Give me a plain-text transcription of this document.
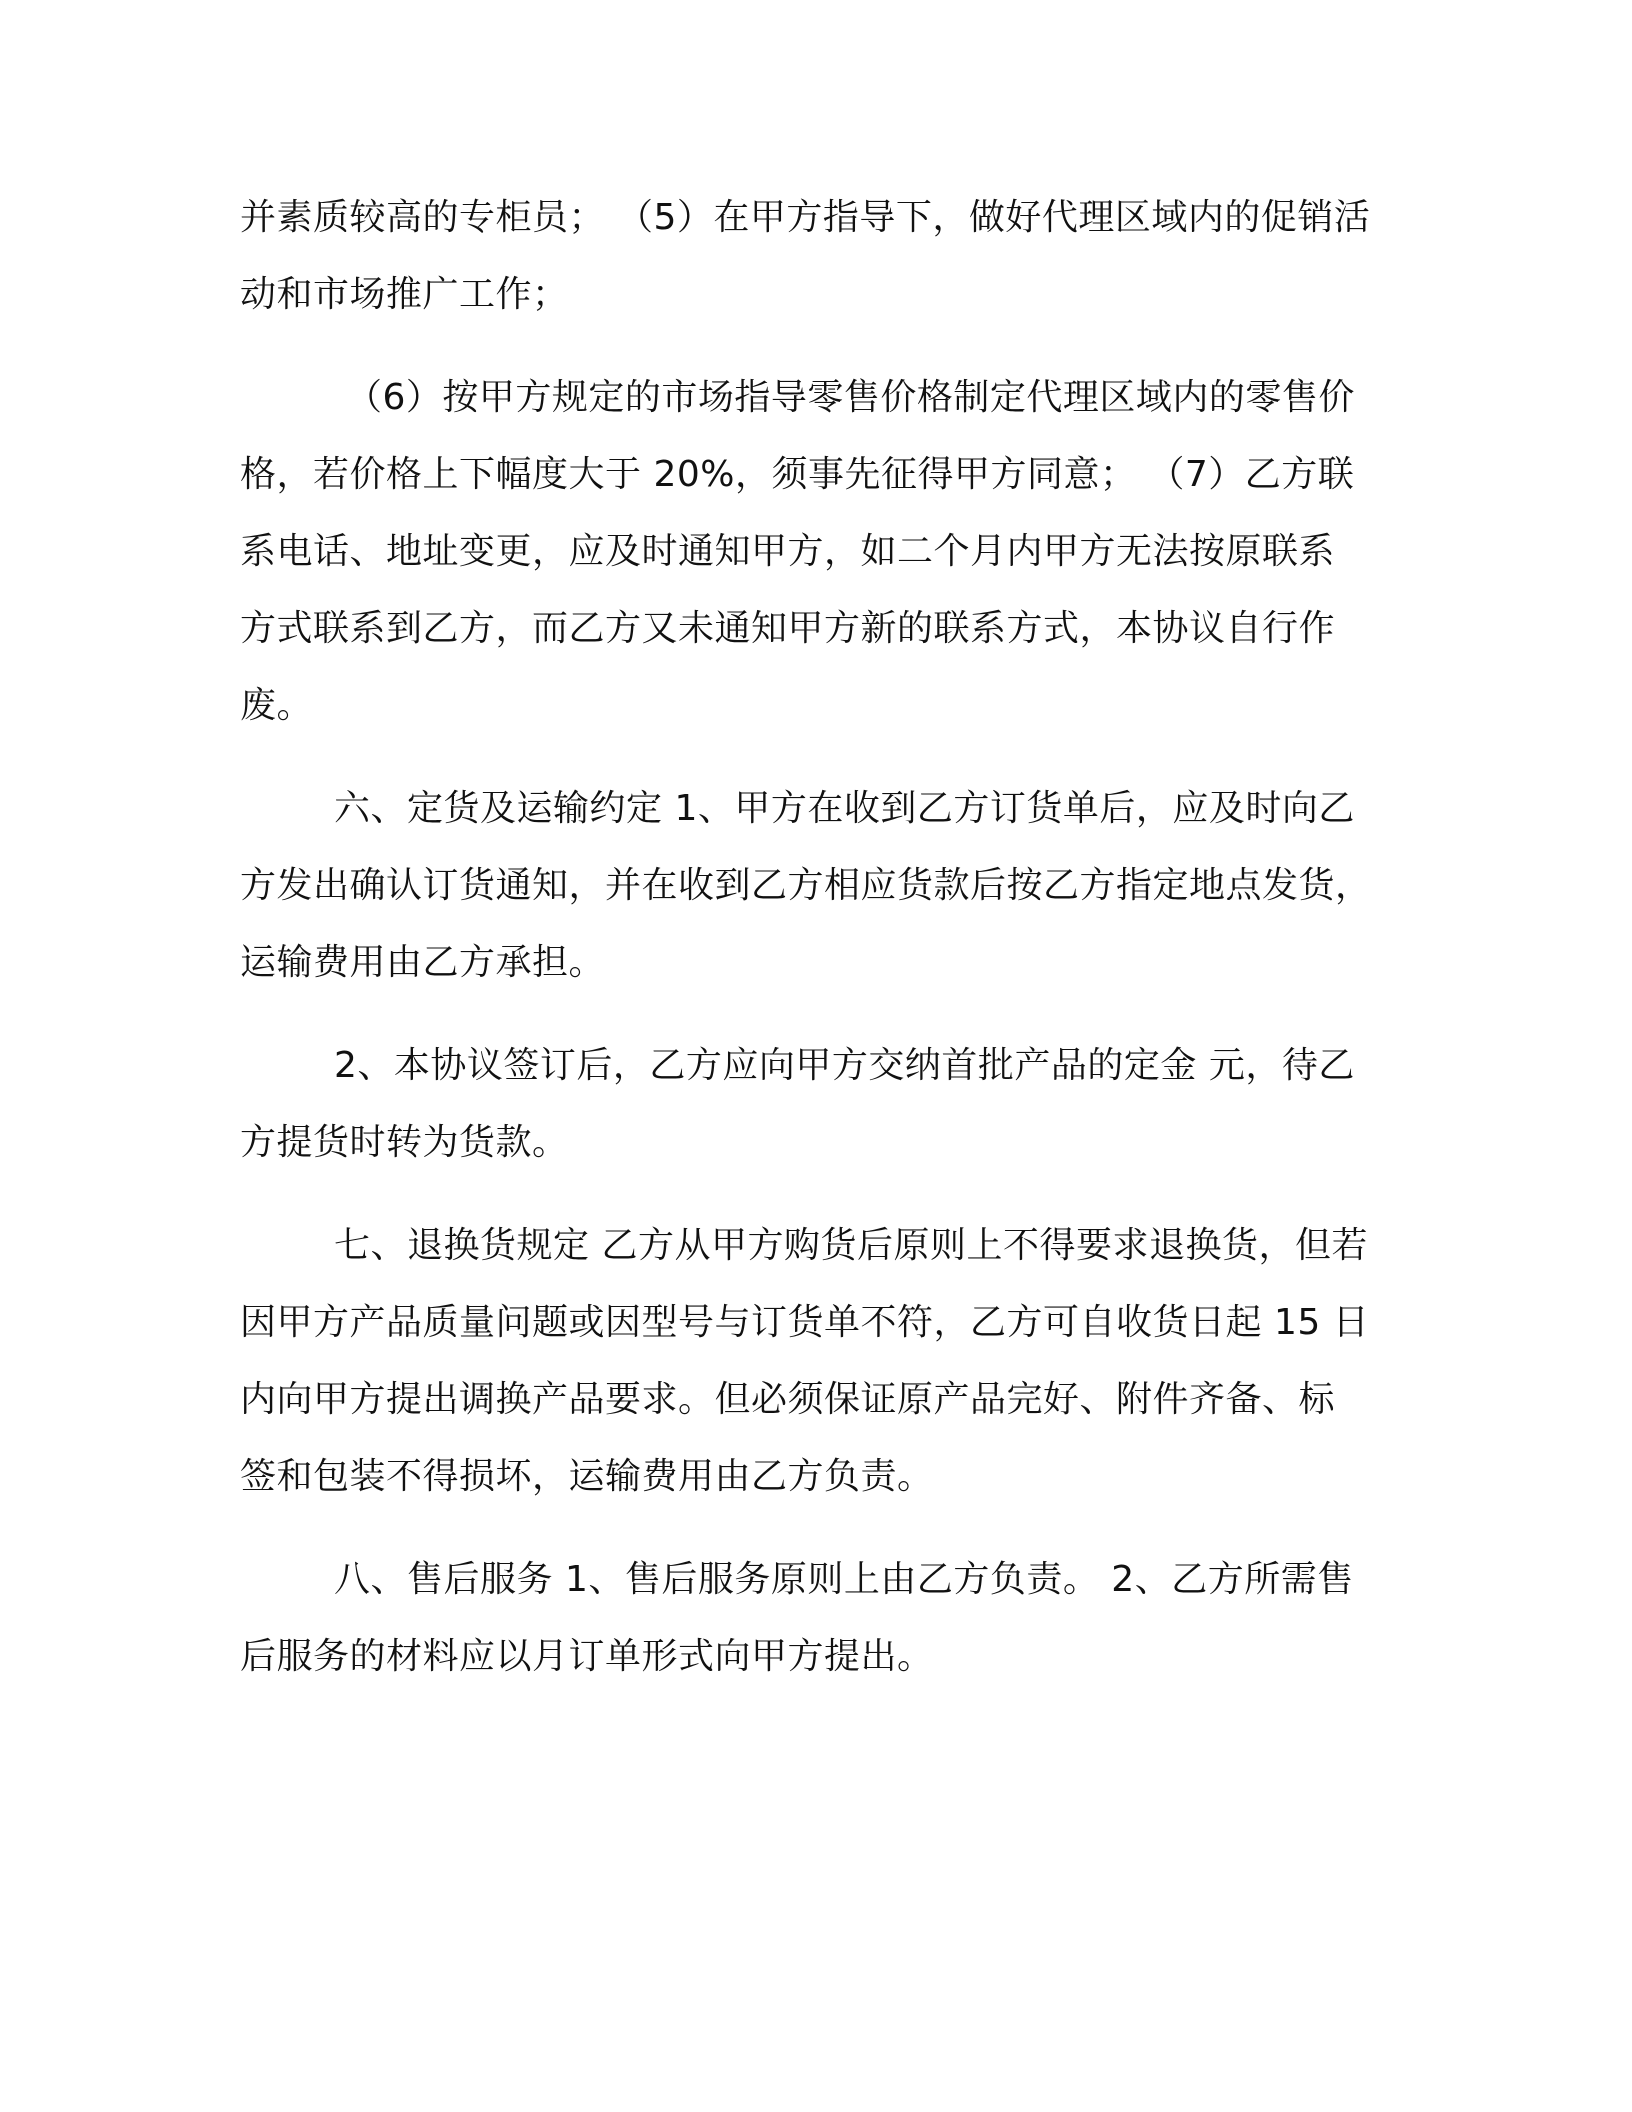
并素质较高的专柜员； （5）在甲方指导下，做好代理区域内的促销活

动和市场推广工作；

（6）按甲方规定的市场指导零售价格制定代理区域内的零售价

格，若价格上下幅度大于 20%，须事先征得甲方同意； （7）乙方联

系电话、地址变更，应及时通知甲方，如二个月内甲方无法按原联系

方式联系到乙方，而乙方又未通知甲方新的联系方式，本协议自行作

废。

六、定货及运输约定 1、甲方在收到乙方订货单后，应及时向乙

方发出确认订货通知，并在收到乙方相应货款后按乙方指定地点发货，

运输费用由乙方承担。

2、本协议签订后，乙方应向甲方交纳首批产品的定金 元，待乙

方提货时转为货款。

七、退换货规定 乙方从甲方购货后原则上不得要求退换货，但若

因甲方产品质量问题或因型号与订货单不符，乙方可自收货日起 15 日

内向甲方提出调换产品要求。但必须保证原产品完好、附件齐备、标

签和包装不得损坏，运输费用由乙方负责。

八、售后服务 1、售后服务原则上由乙方负责。 2、乙方所需售

后服务的材料应以月订单形式向甲方提出。
